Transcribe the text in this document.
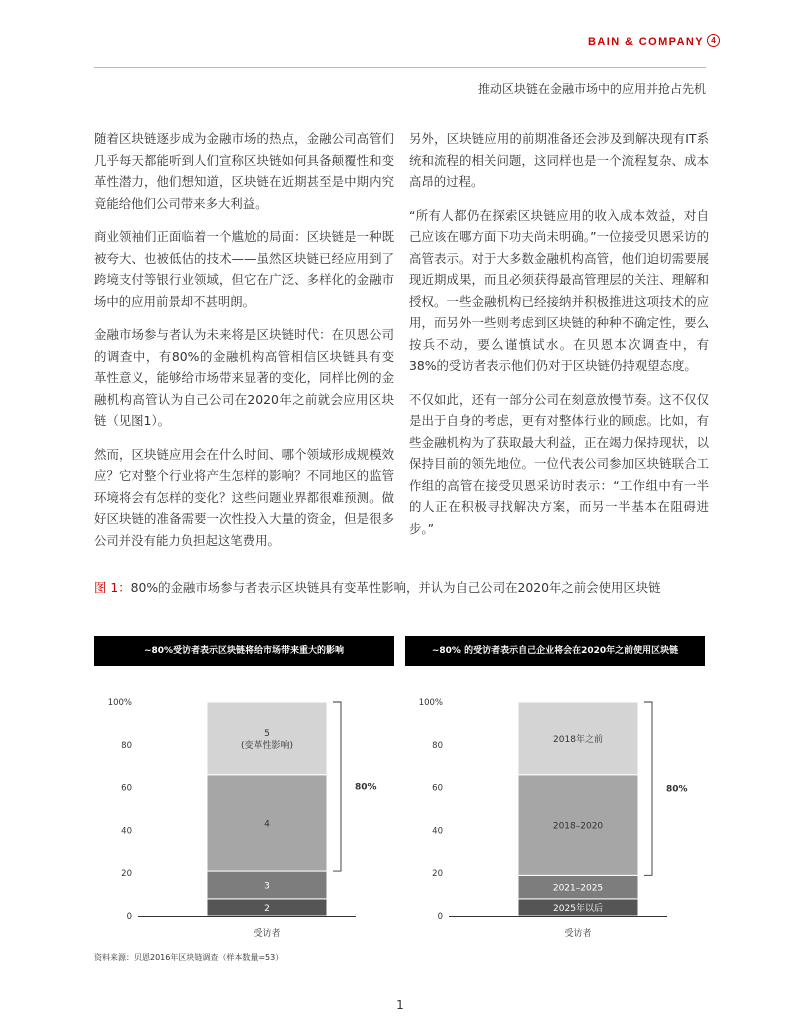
BAIN & COMPANY 4
推动区块链在金融市场中的应用并抢占先机

随着区块链逐步成为金融市场的热点，金融公司高管们几乎每天都能听到人们宣称区块链如何具备颠覆性和变革性潜力，他们想知道，区块链在近期甚至是中期内究竟能给他们公司带来多大利益。

商业领袖们正面临着一个尴尬的局面：区块链是一种既被夸大、也被低估的技术——虽然区块链已经应用到了跨境支付等银行业领域，但它在广泛、多样化的金融市场中的应用前景却不甚明朗。

金融市场参与者认为未来将是区块链时代：在贝恩公司的调查中，有80%的金融机构高管相信区块链具有变革性意义，能够给市场带来显著的变化，同样比例的金融机构高管认为自己公司在2020年之前就会应用区块链（见图1）。

然而，区块链应用会在什么时间、哪个领域形成规模效应？它对整个行业将产生怎样的影响？不同地区的监管环境将会有怎样的变化？这些问题业界都很难预测。做好区块链的准备需要一次性投入大量的资金，但是很多公司并没有能力负担起这笔费用。

另外，区块链应用的前期准备还会涉及到解决现有IT系统和流程的相关问题，这同样也是一个流程复杂、成本高昂的过程。

“所有人都仍在探索区块链应用的收入成本效益，对自己应该在哪方面下功夫尚未明确。”一位接受贝恩采访的高管表示。对于大多数金融机构高管，他们迫切需要展现近期成果，而且必须获得最高管理层的关注、理解和授权。一些金融机构已经接纳并积极推进这项技术的应用，而另外一些则考虑到区块链的种种不确定性，要么按兵不动，要么谨慎试水。在贝恩本次调查中，有38%的受访者表示他们仍对于区块链仍持观望态度。

不仅如此，还有一部分公司在刻意放慢节奏。这不仅仅是出于自身的考虑，更有对整体行业的顾虑。比如，有些金融机构为了获取最大利益，正在竭力保持现状，以保持目前的领先地位。一位代表公司参加区块链联合工作组的高管在接受贝恩采访时表示：“工作组中有一半的人正在积极寻找解决方案，而另一半基本在阻碍进步。”

图 1：80%的金融市场参与者表示区块链具有变革性影响，并认为自己公司在2020年之前会使用区块链
~80%受访者表示区块链将给市场带来重大的影响	~80% 的受访者表示自己企业将会在2020年之前使用区块链
100%
80
60
40
20
0
2
3
4
5
(变革性影响)
受访者
80%
100%
80
60
40
20
0
2025年以后
2021–2025
2018–2020
2018年之前
受访者
80%
资料来源：贝恩2016年区块链调查（样本数量=53）
1
